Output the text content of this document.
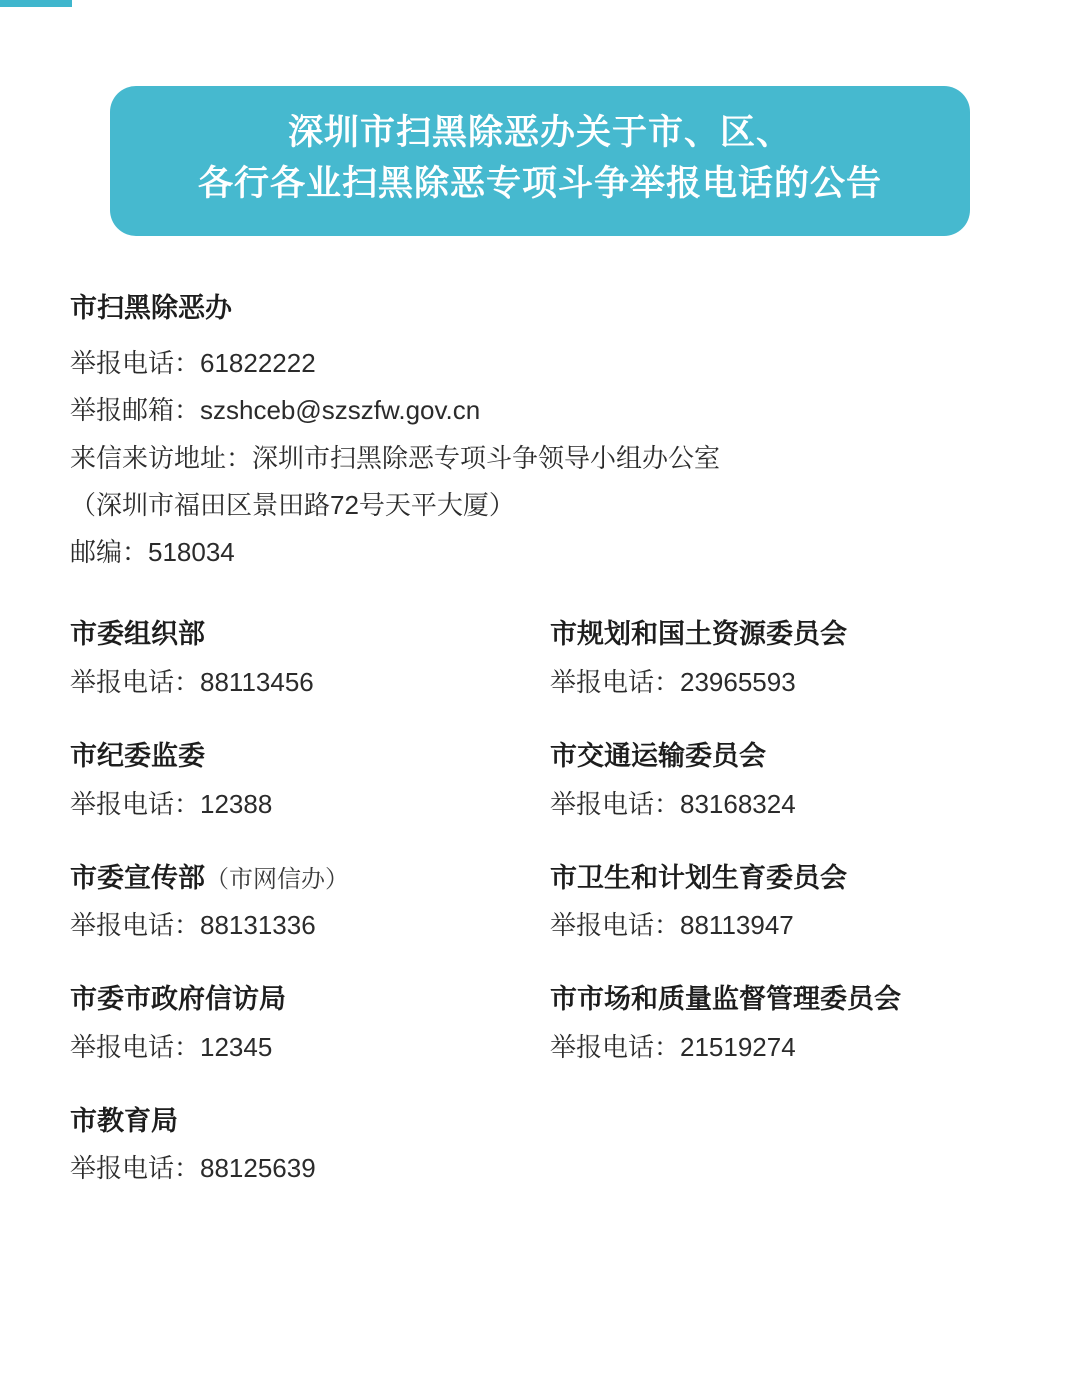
深圳市扫黑除恶办关于市、区、
各行各业扫黑除恶专项斗争举报电话的公告
市扫黑除恶办
举报电话：61822222
举报邮箱：szshceb@szszfw.gov.cn
来信来访地址：深圳市扫黑除恶专项斗争领导小组办公室
（深圳市福田区景田路72号天平大厦）
邮编：518034
市委组织部
举报电话：88113456
市纪委监委
举报电话：12388
市委宣传部（市网信办）
举报电话：88131336
市委市政府信访局
举报电话：12345
市教育局
举报电话：88125639
市规划和国土资源委员会
举报电话：23965593
市交通运输委员会
举报电话：83168324
市卫生和计划生育委员会
举报电话：88113947
市市场和质量监督管理委员会
举报电话：21519274
